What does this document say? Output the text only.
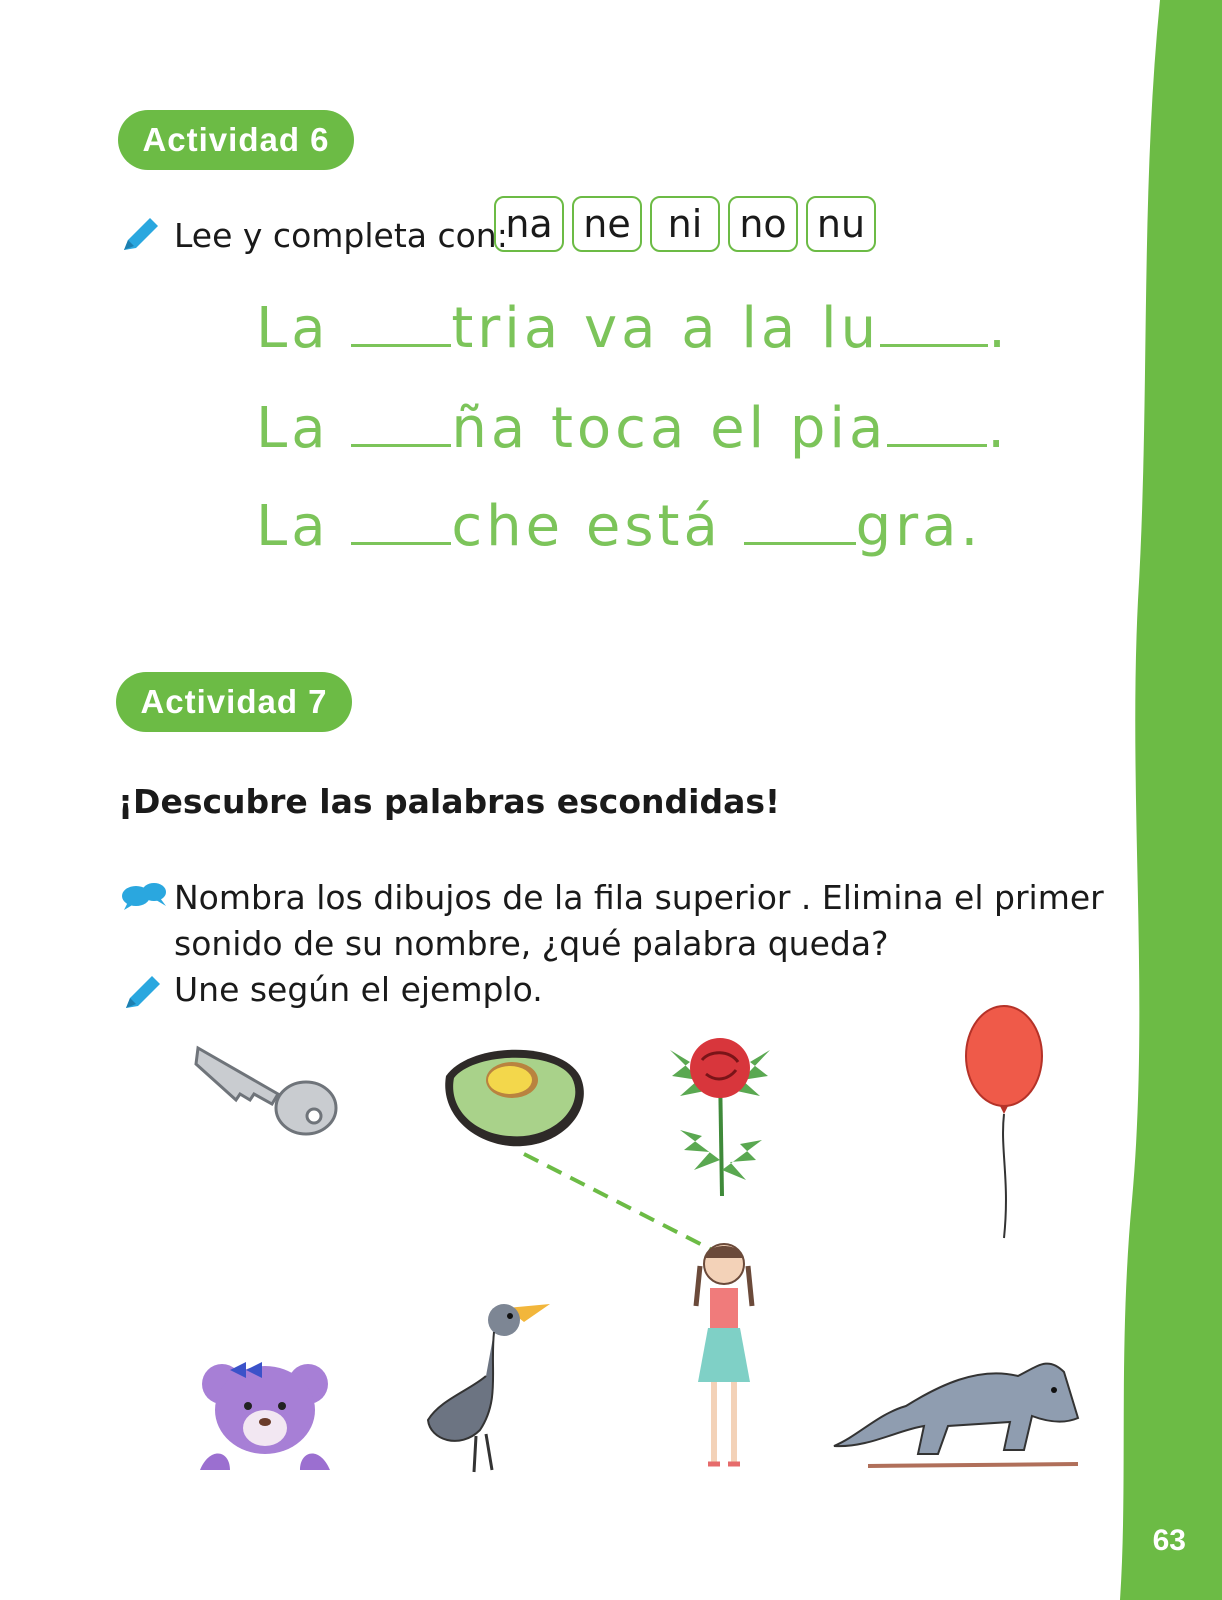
Actividad 6
Lee y completa con:
na ne ni no nu
La tria va a la lu .
La ña toca el pia .
La che está gra.
Actividad 7
¡Descubre las palabras escondidas!
Nombra los dibujos de la fila superior . Elimina el primer
sonido de su nombre, ¿qué palabra queda?
Une según el ejemplo.
63
